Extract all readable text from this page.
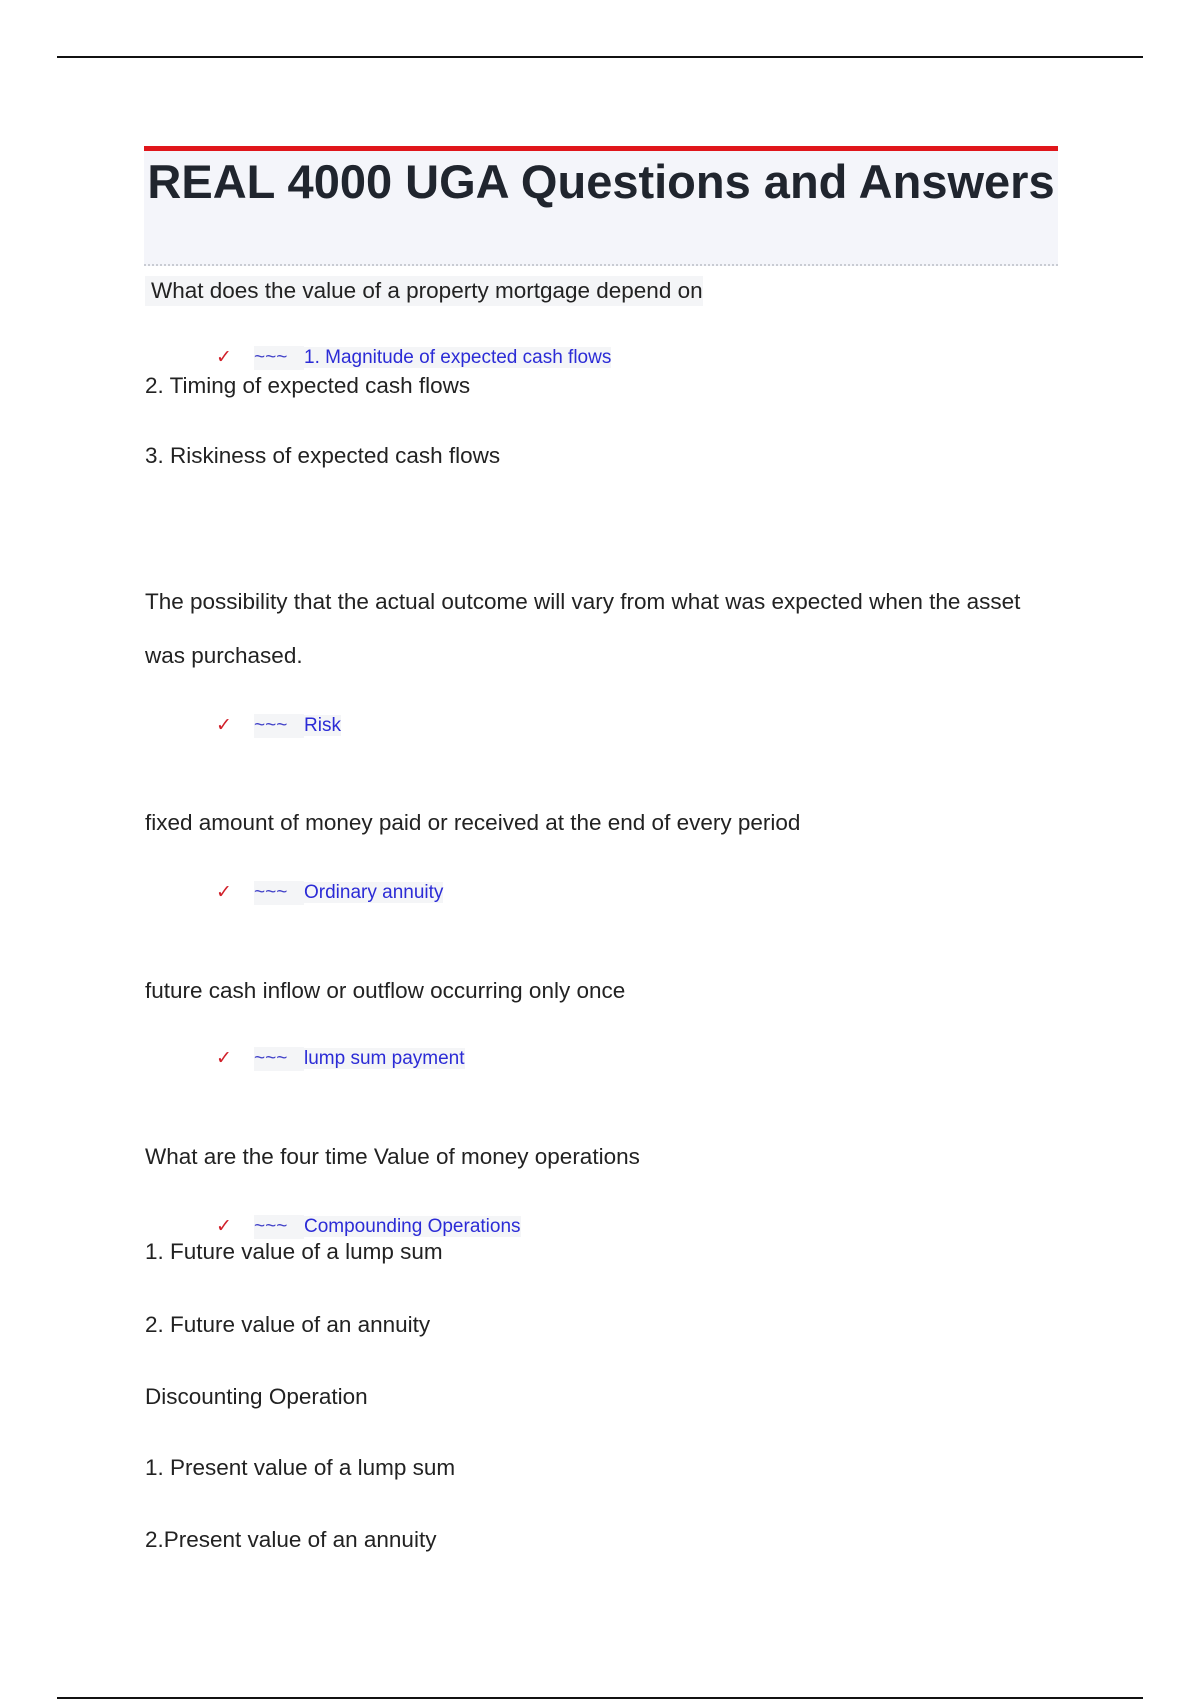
REAL 4000 UGA Questions and Answers
What does the value of a property mortgage depend on
✓ ~~~ 1. Magnitude of expected cash flows
2. Timing of expected cash flows
3. Riskiness of expected cash flows
The possibility that the actual outcome will vary from what was expected when the asset was purchased.
✓ ~~~ Risk
fixed amount of money paid or received at the end of every period
✓ ~~~ Ordinary annuity
future cash inflow or outflow occurring only once
✓ ~~~ lump sum payment
What are the four time Value of money operations
✓ ~~~ Compounding Operations
1. Future value of a lump sum
2. Future value of an annuity
Discounting Operation
1. Present value of a lump sum
2.Present value of an annuity
